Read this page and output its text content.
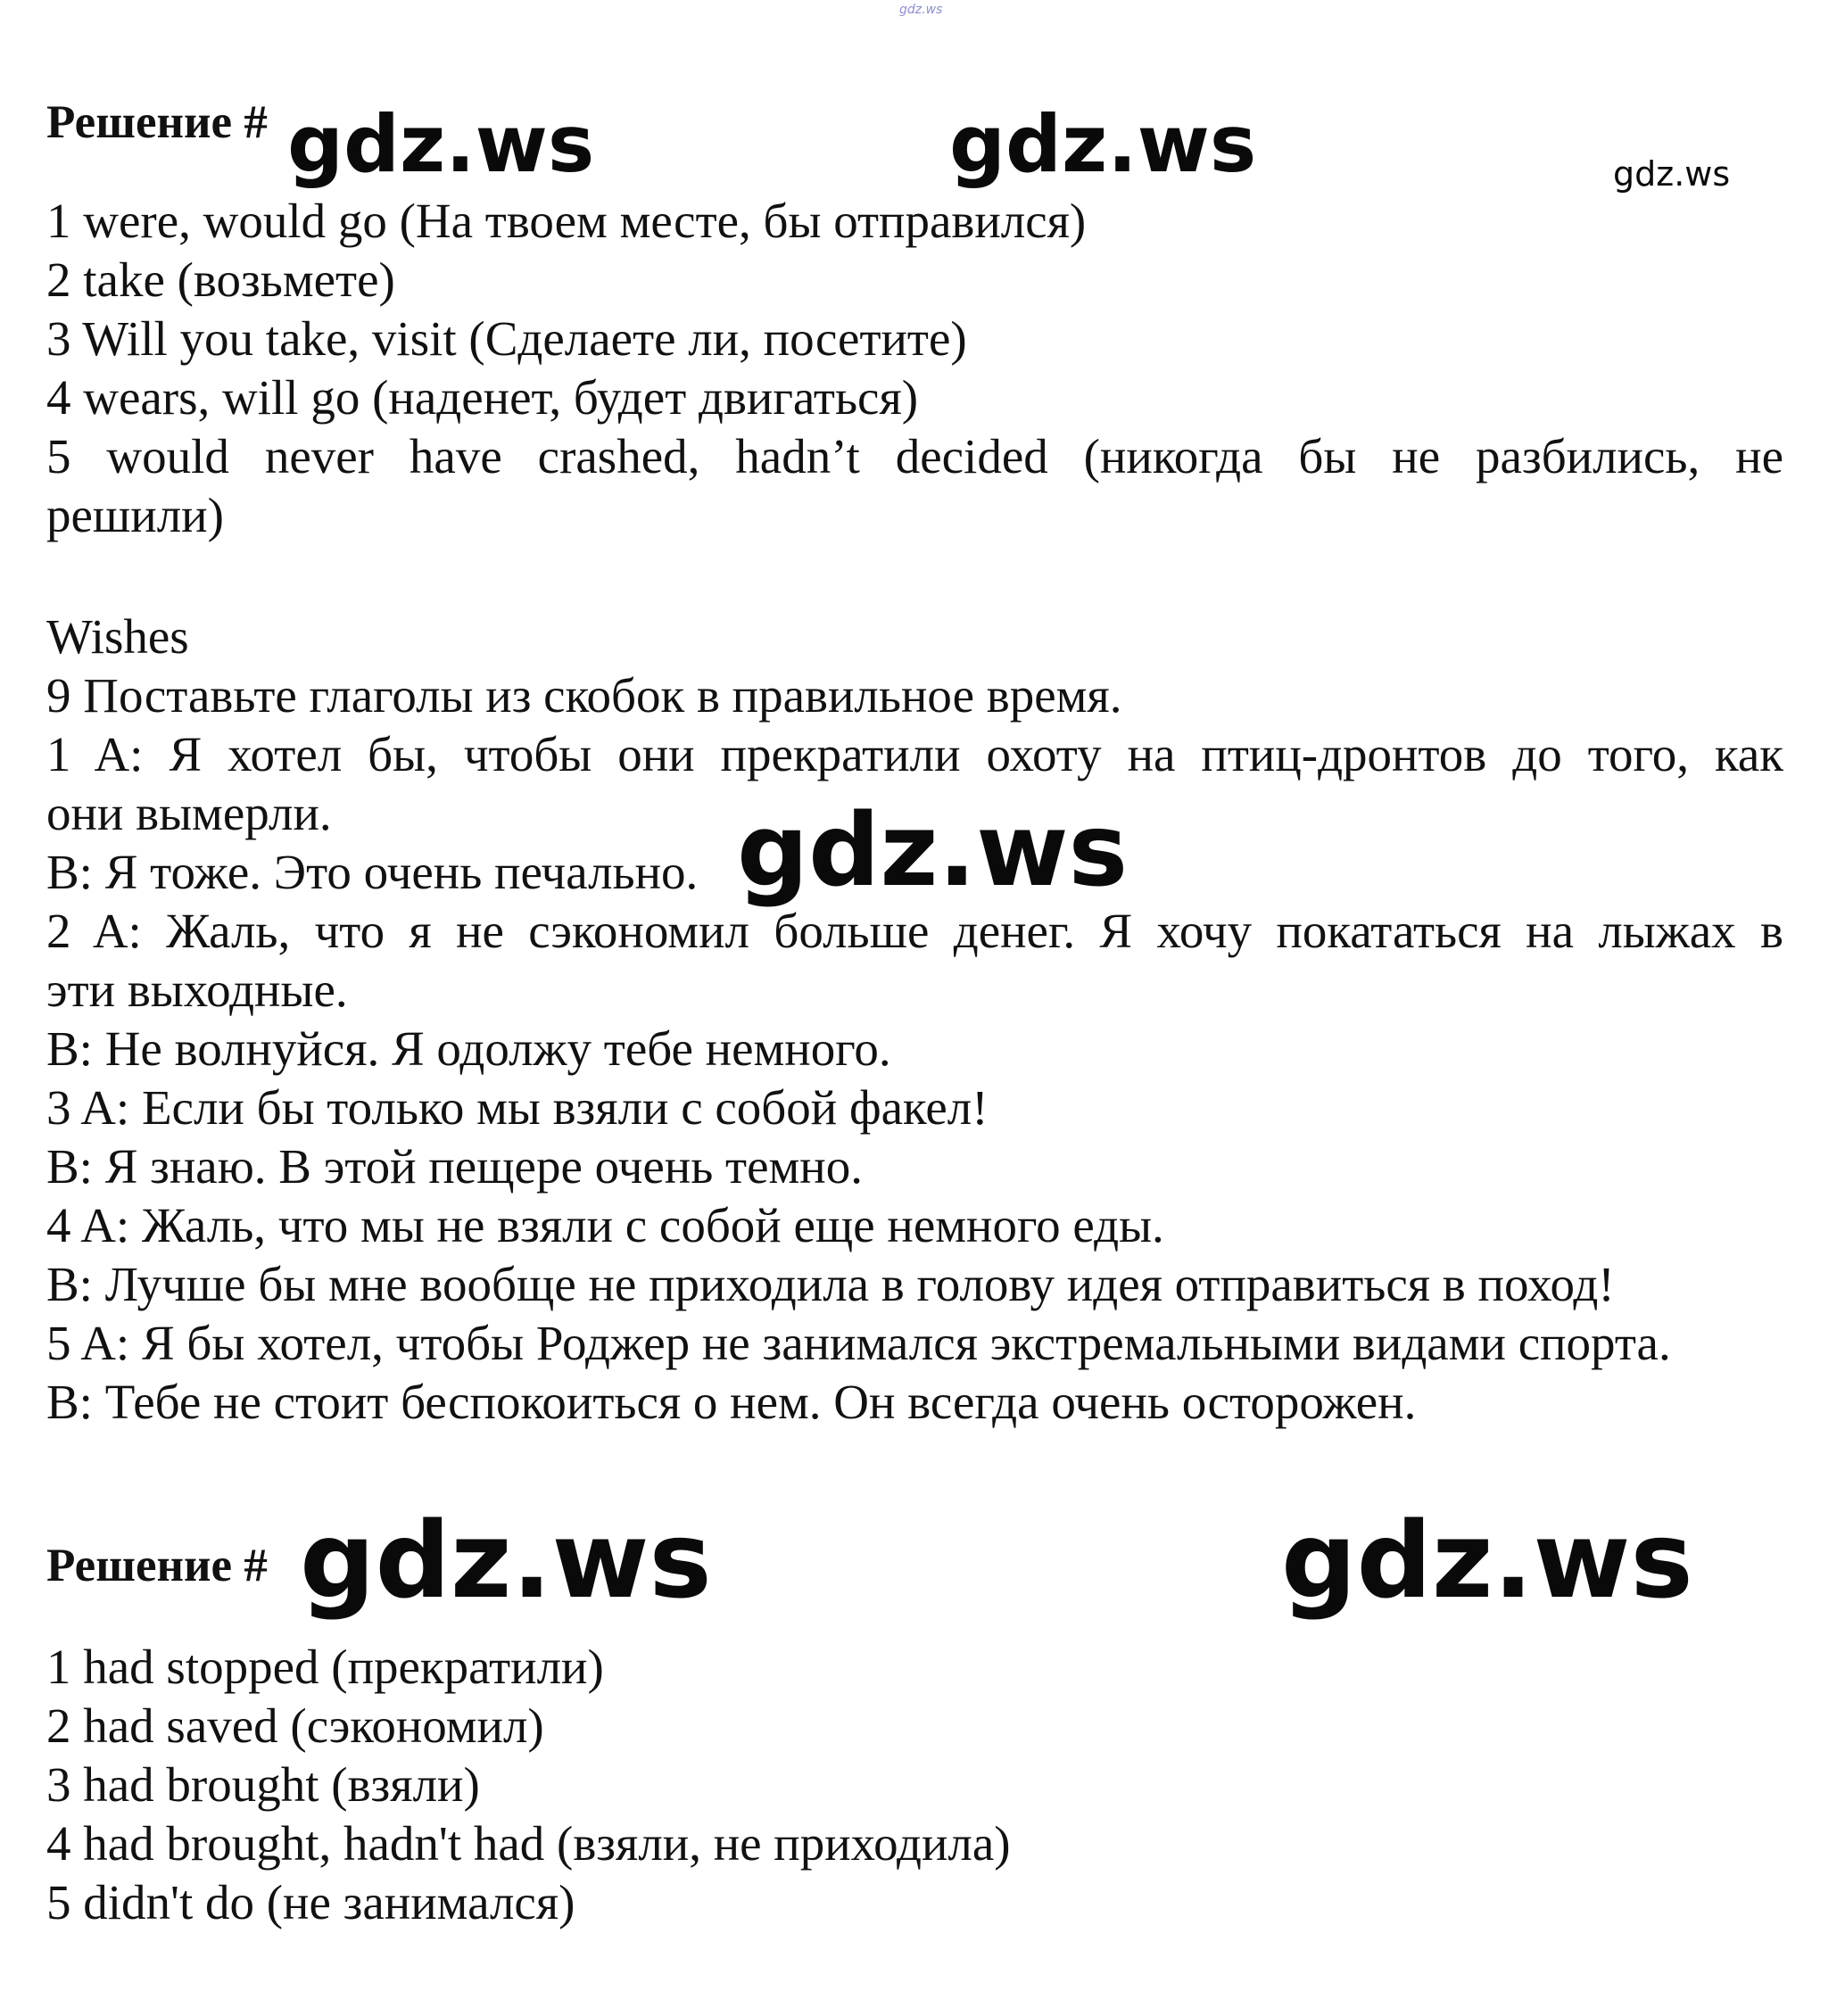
gdz.ws
Решение # gdz.ws	gdz.ws	gdz.ws
1 were, would go (На твоем месте, бы отправился)
2 take (возьмете)
3 Will you take, visit (Сделаете ли, посетите)
4 wears, will go (наденет, будет двигаться)
5 would never have crashed, hadn’t decided (никогда бы не разбились, не
решили)
Wishes
9 Поставьте глаголы из скобок в правильное время.
1 A: Я хотел бы, чтобы они прекратили охоту на птиц-дронтов до того, как
они вымерли.
B: Я тоже. Это очень печально. gdz.ws
2 A: Жаль, что я не сэкономил больше денег. Я хочу покататься на лыжах в
эти выходные.
B: Не волнуйся. Я одолжу тебе немного.
3 A: Если бы только мы взяли с собой факел!
B: Я знаю. В этой пещере очень темно.
4 A: Жаль, что мы не взяли с собой еще немного еды.
B: Лучше бы мне вообще не приходила в голову идея отправиться в поход!
5 A: Я бы хотел, чтобы Роджер не занимался экстремальными видами спорта.
B: Тебе не стоит беспокоиться о нем. Он всегда очень осторожен.
Решение # gdz.ws	gdz.ws
1 had stopped (прекратили)
2 had saved (сэкономил)
3 had brought (взяли)
4 had brought, hadn't had (взяли, не приходила)
5 didn't do (не занимался)
